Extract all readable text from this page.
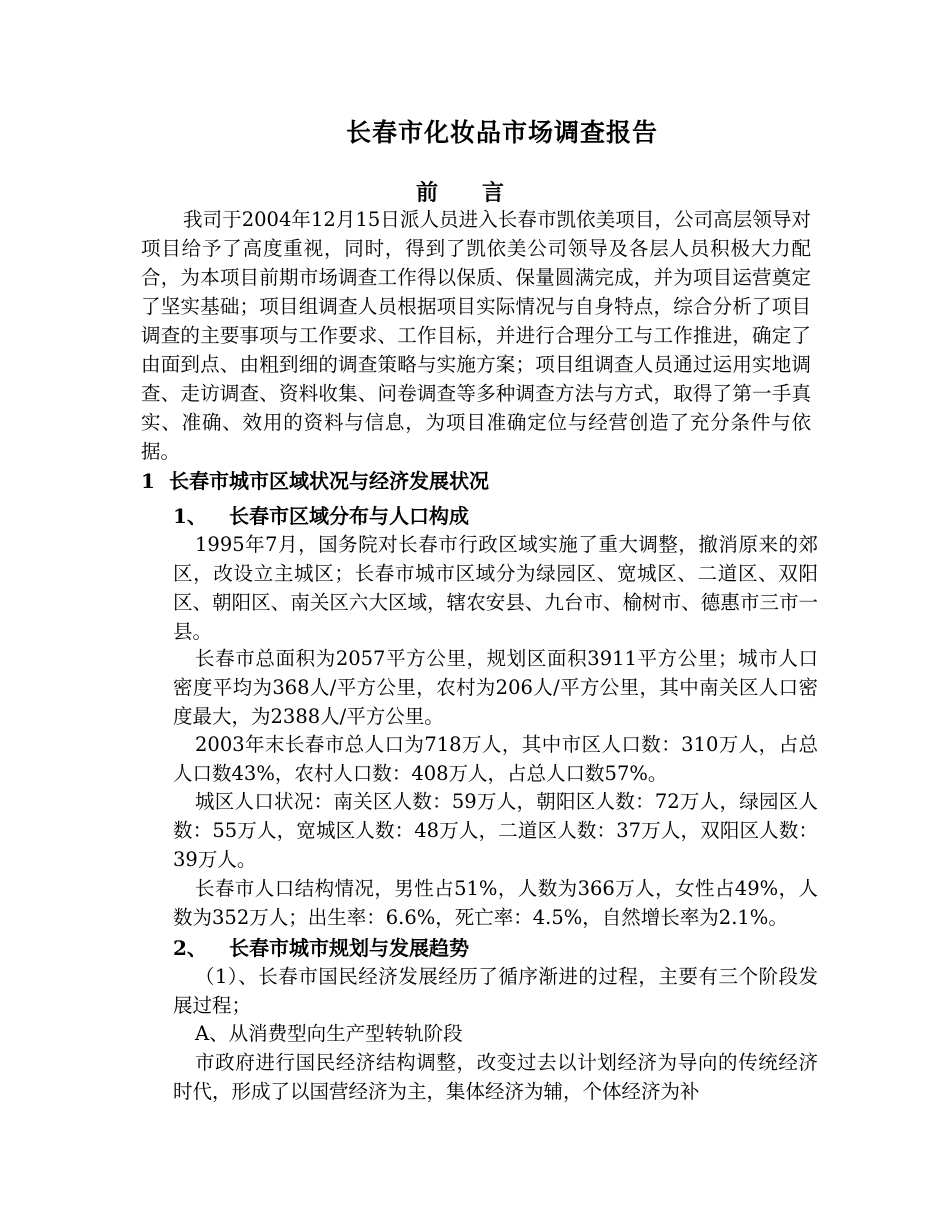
长春市化妆品市场调查报告
前　　言
我司于2004年12月15日派人员进入长春市凯依美项目，公司高层领导对项目给予了高度重视，同时，得到了凯依美公司领导及各层人员积极大力配合，为本项目前期市场调查工作得以保质、保量圆满完成，并为项目运营奠定了坚实基础；项目组调查人员根据项目实际情况与自身特点，综合分析了项目调查的主要事项与工作要求、工作目标，并进行合理分工与工作推进，确定了由面到点、由粗到细的调查策略与实施方案；项目组调查人员通过运用实地调查、走访调查、资料收集、问卷调查等多种调查方法与方式，取得了第一手真实、准确、效用的资料与信息，为项目准确定位与经营创造了充分条件与依据。
1 长春市城市区域状况与经济发展状况
1、 长春市区域分布与人口构成
1995年7月，国务院对长春市行政区域实施了重大调整，撤消原来的郊区，改设立主城区；长春市城市区域分为绿园区、宽城区、二道区、双阳区、朝阳区、南关区六大区域，辖农安县、九台市、榆树市、德惠市三市一县。
长春市总面积为2057平方公里，规划区面积3911平方公里；城市人口密度平均为368人/平方公里，农村为206人/平方公里，其中南关区人口密度最大，为2388人/平方公里。
2003年末长春市总人口为718万人，其中市区人口数：310万人，占总人口数43%，农村人口数：408万人，占总人口数57%。
城区人口状况：南关区人数：59万人，朝阳区人数：72万人，绿园区人数：55万人，宽城区人数：48万人，二道区人数：37万人，双阳区人数：39万人。
长春市人口结构情况，男性占51%，人数为366万人，女性占49%，人数为352万人；出生率：6.6%，死亡率：4.5%，自然增长率为2.1%。
2、 长春市城市规划与发展趋势
（1）、长春市国民经济发展经历了循序渐进的过程，主要有三个阶段发展过程；
A、从消费型向生产型转轨阶段
市政府进行国民经济结构调整，改变过去以计划经济为导向的传统经济时代，形成了以国营经济为主，集体经济为辅，个体经济为补
